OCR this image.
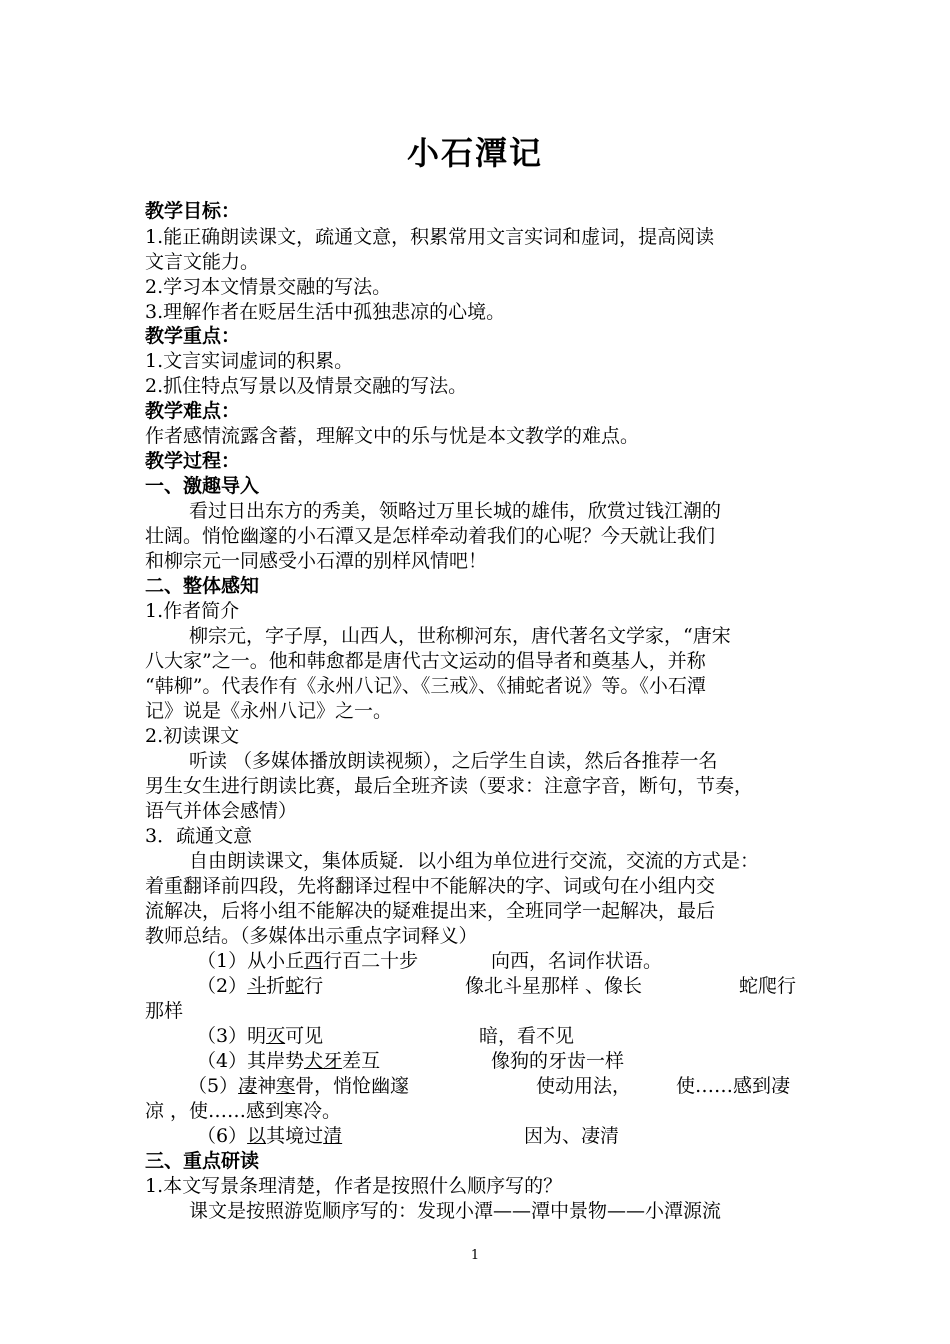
小石潭记
教学目标：
1.能正确朗读课文，疏通文意，积累常用文言实词和虚词，提高阅读
文言文能力。
2.学习本文情景交融的写法。
3.理解作者在贬居生活中孤独悲凉的心境。
教学重点：
1.文言实词虚词的积累。
2.抓住特点写景以及情景交融的写法。
教学难点：
作者感情流露含蓄，理解文中的乐与忧是本文教学的难点。
教学过程：
一、激趣导入
看过日出东方的秀美，领略过万里长城的雄伟，欣赏过钱江潮的
壮阔。悄怆幽邃的小石潭又是怎样牵动着我们的心呢？今天就让我们
和柳宗元一同感受小石潭的别样风情吧！
二、整体感知
1.作者简介
柳宗元，字子厚，山西人，世称柳河东，唐代著名文学家，“唐宋
八大家”之一。他和韩愈都是唐代古文运动的倡导者和奠基人，并称
“韩柳”。代表作有《永州八记》、《三戒》、《捕蛇者说》等。《小石潭
记》说是《永州八记》之一。
2.初读课文
听读 （多媒体播放朗读视频），之后学生自读，然后各推荐一名
男生女生进行朗读比赛，最后全班齐读（要求：注意字音，断句，节奏，
语气并体会感情）
3．疏通文意
自由朗读课文，集体质疑．以小组为单位进行交流，交流的方式是：
着重翻译前四段，先将翻译过程中不能解决的字、词或句在小组内交
流解决，后将小组不能解决的疑难提出来，全班同学一起解决，最后
教师总结。（多媒体出示重点字词释义）
（1）从小丘西行百二十步	向西，名词作状语。
（2）斗折蛇行	像北斗星那样 、像长	蛇爬行
那样
（3）明灭可见	暗，看不见
（4）其岸势犬牙差互	像狗的牙齿一样
（5）凄神寒骨，悄怆幽邃	使动用法， 使……感到凄
凉 ，使……感到寒冷。
（6）以其境过清	因为、凄清
三、重点研读
1.本文写景条理清楚，作者是按照什么顺序写的？
课文是按照游览顺序写的：发现小潭——潭中景物——小潭源流
1
